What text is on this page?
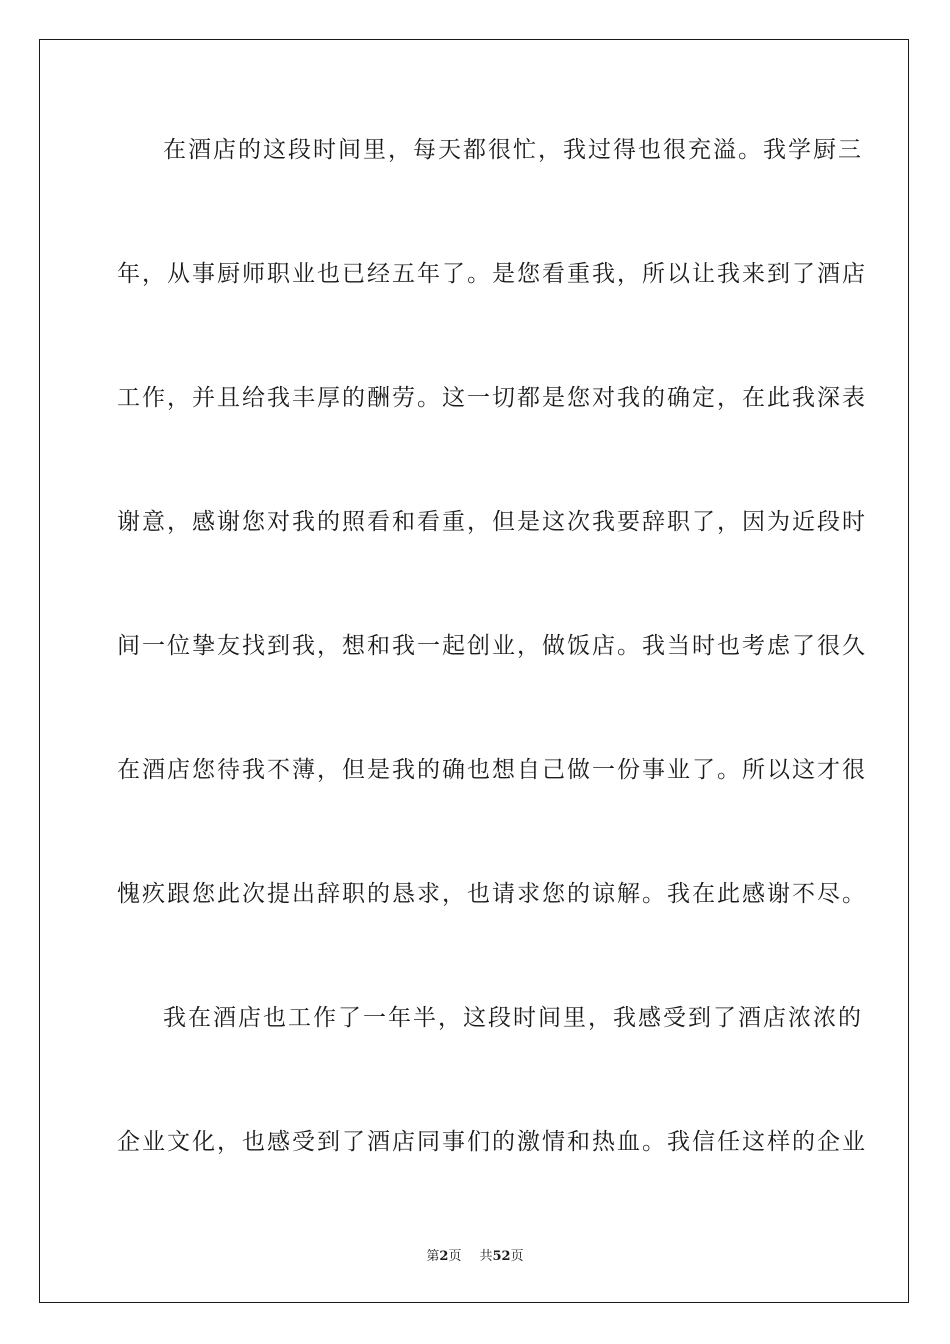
在酒店的这段时间里，每天都很忙，我过得也很充溢。我学厨三
年，从事厨师职业也已经五年了。是您看重我，所以让我来到了酒店
工作，并且给我丰厚的酬劳。这一切都是您对我的确定，在此我深表
谢意，感谢您对我的照看和看重，但是这次我要辞职了，因为近段时
间一位挚友找到我，想和我一起创业，做饭店。我当时也考虑了很久
在酒店您待我不薄，但是我的确也想自己做一份事业了。所以这才很
愧疚跟您此次提出辞职的恳求，也请求您的谅解。我在此感谢不尽。
我在酒店也工作了一年半，这段时间里，我感受到了酒店浓浓的
企业文化，也感受到了酒店同事们的激情和热血。我信任这样的企业
第2页 共52页
